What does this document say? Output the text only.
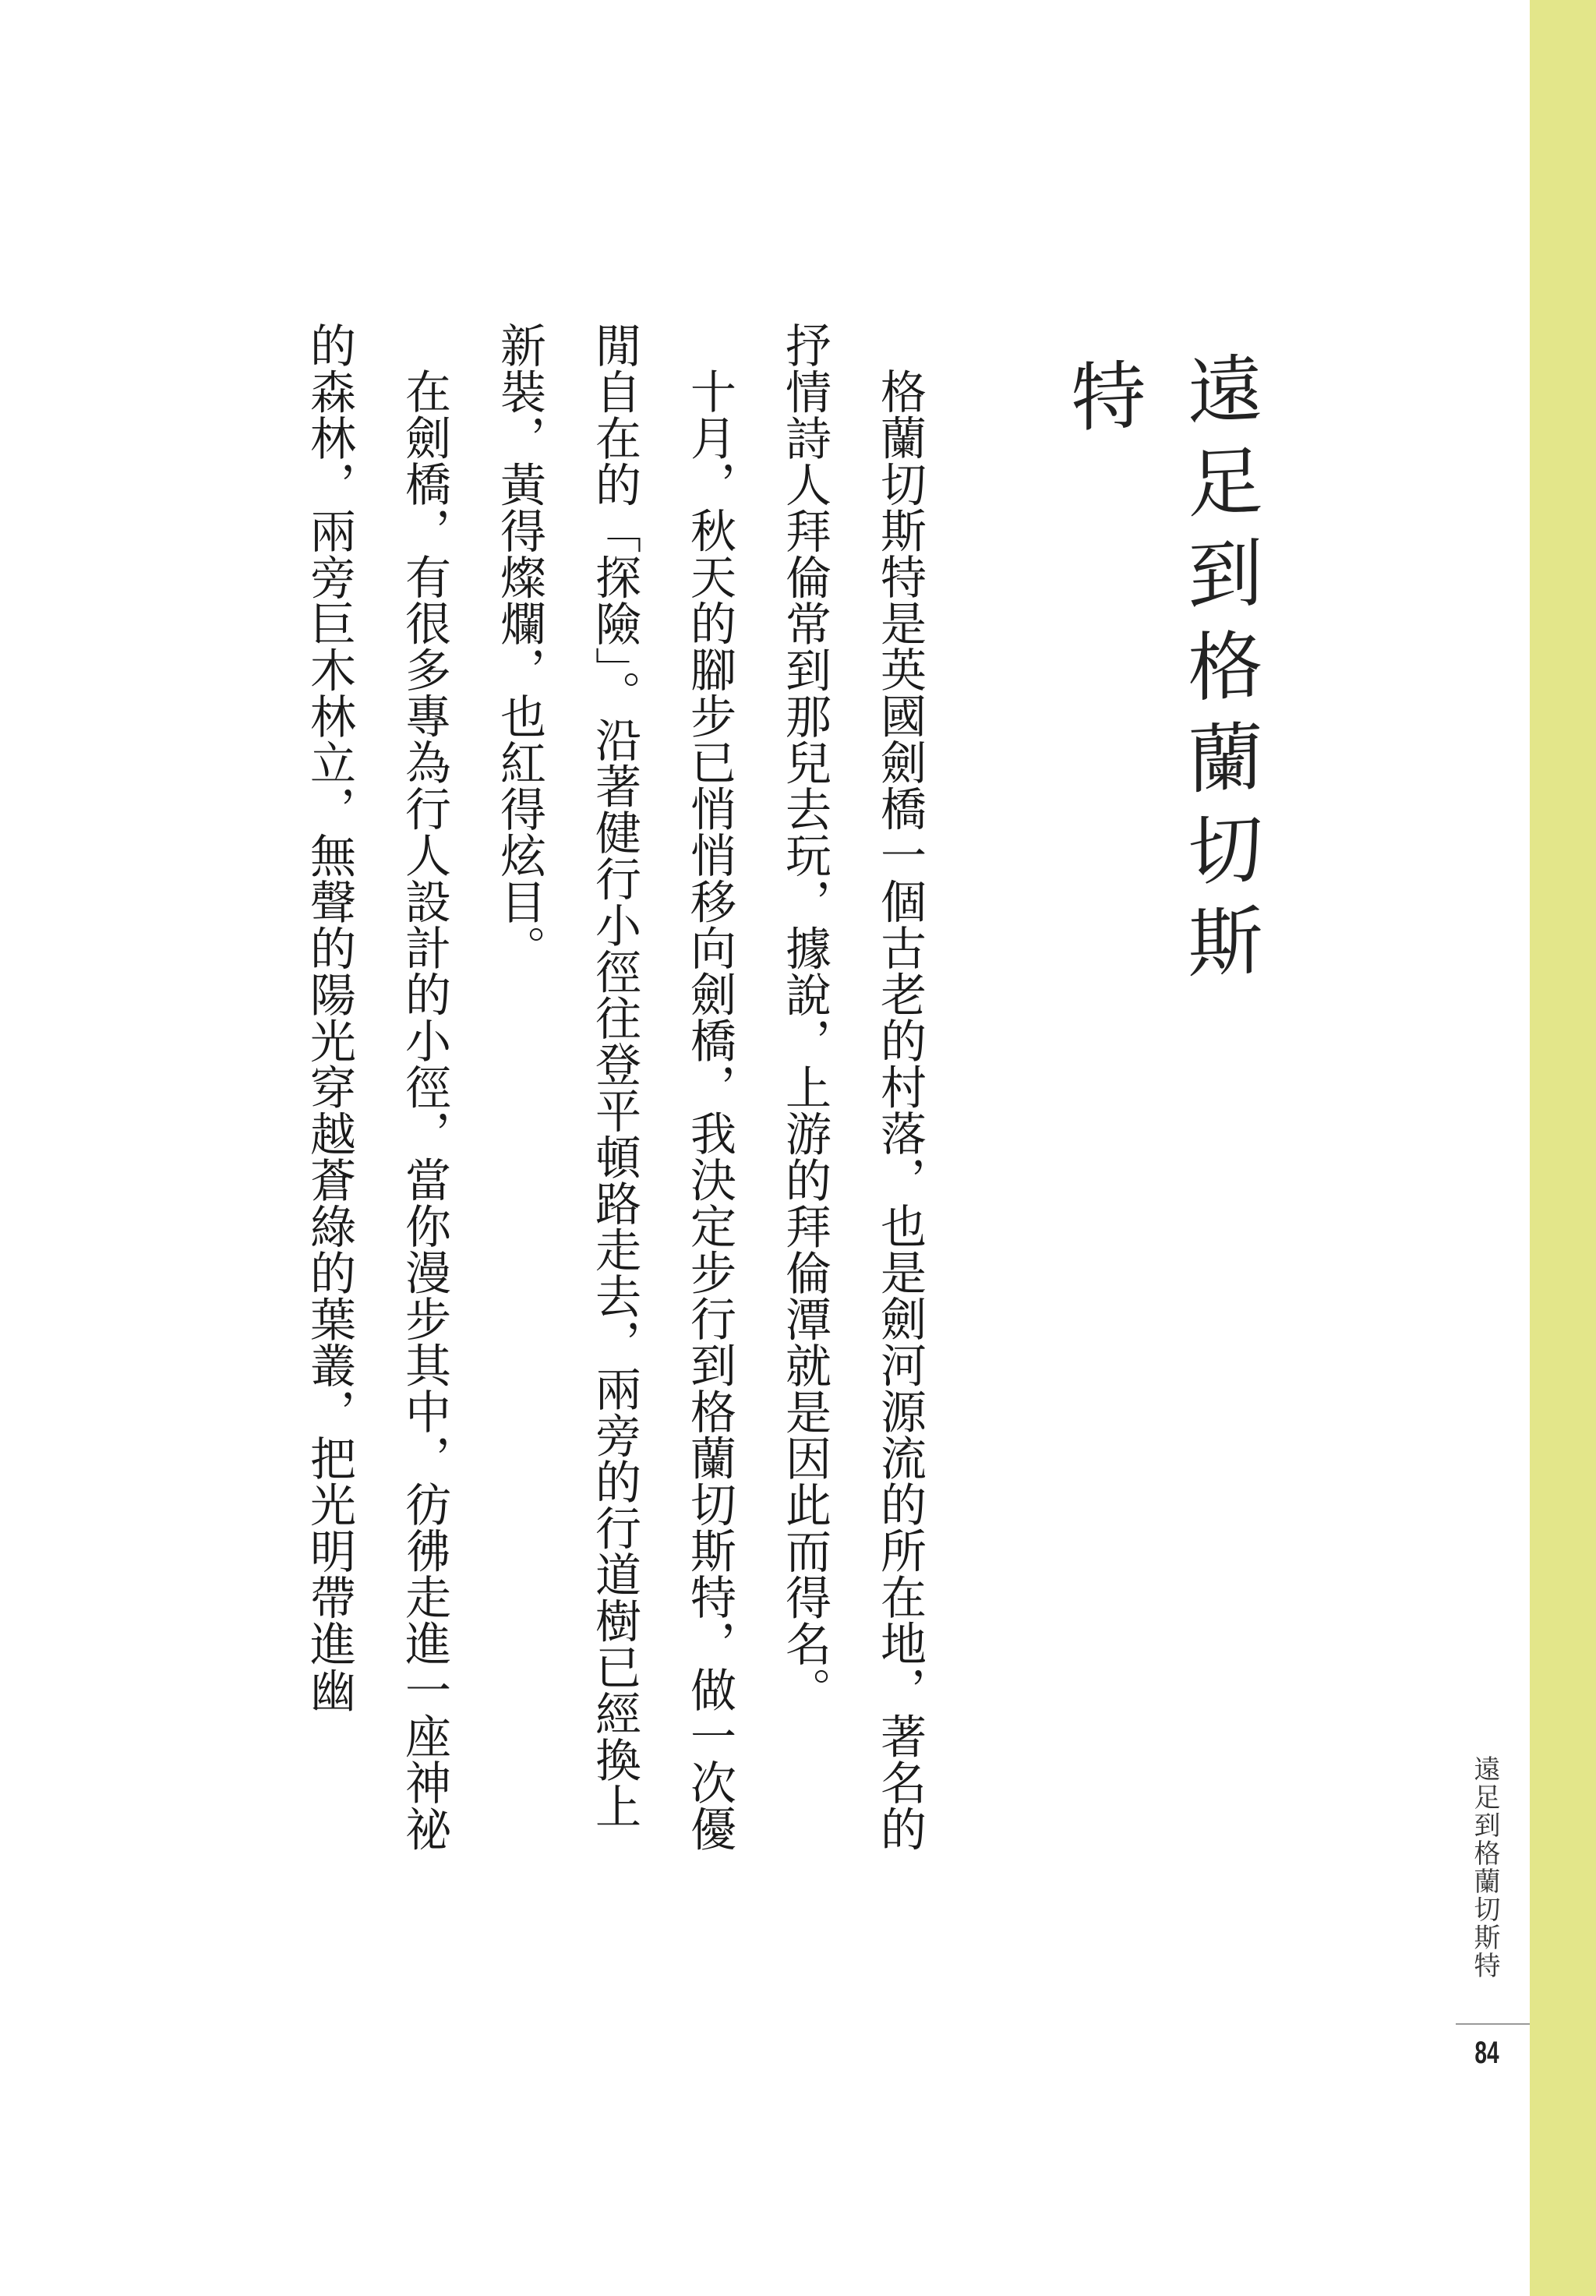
遠足到格蘭切斯特

格蘭切斯特是英國劍橋一個古老的村落，也是劍河源流的所在地，著名的抒情詩人拜倫常到那兒去玩，據說，上游的拜倫潭就是因此而得名。

十月，秋天的腳步已悄悄移向劍橋，我決定步行到格蘭切斯特，做一次優閒自在的「探險」。沿著健行小徑往登平頓路走去，兩旁的行道樹已經換上新裝，黃得燦爛，也紅得炫目。

在劍橋，有很多專為行人設計的小徑，當你漫步其中，彷彿走進一座神祕的森林，兩旁巨木林立，無聲的陽光穿越蒼綠的葉叢，把光明帶進幽

遠足到格蘭切斯特
84
